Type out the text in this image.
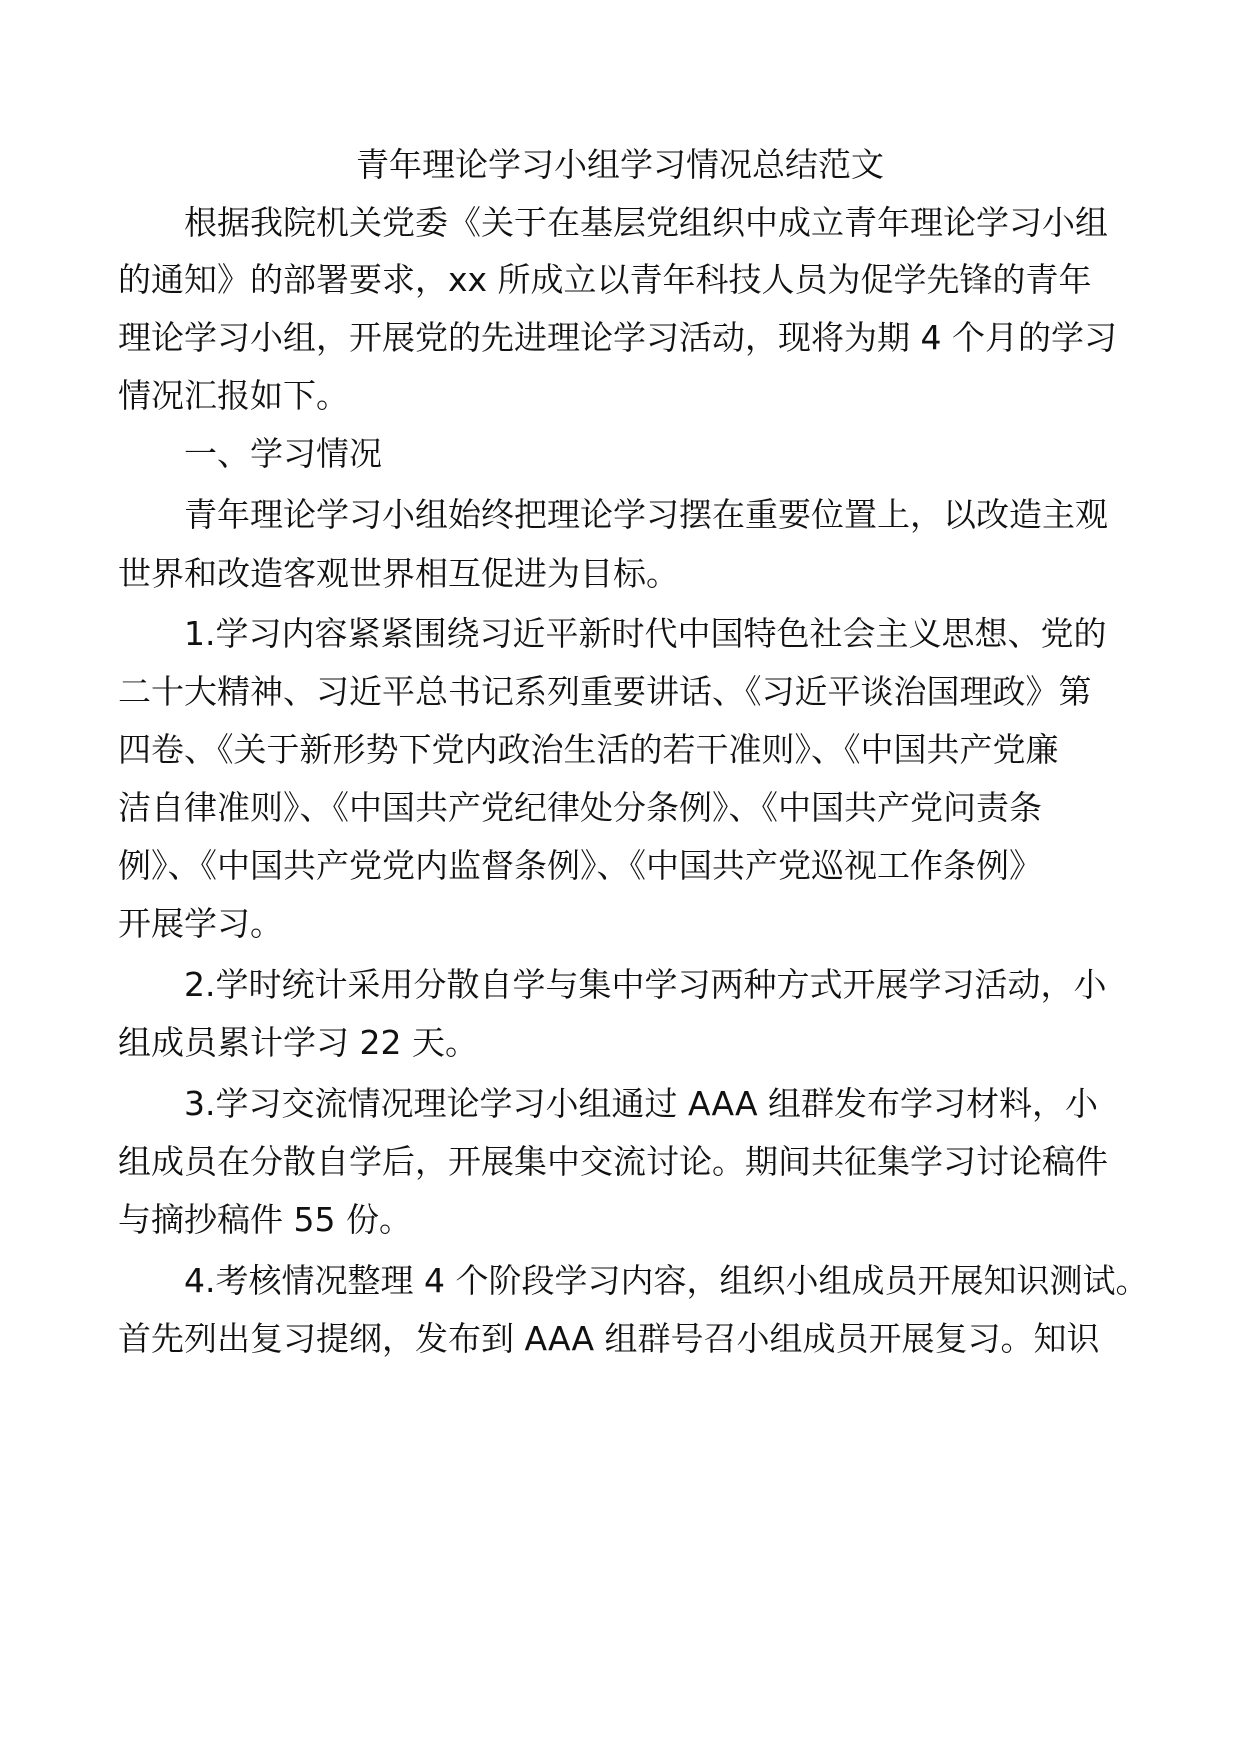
青年理论学习小组学习情况总结范文

根据我院机关党委《关于在基层党组织中成立青年理论学习小组

的通知》的部署要求，xx 所成立以青年科技人员为促学先锋的青年

理论学习小组，开展党的先进理论学习活动，现将为期 4 个月的学习

情况汇报如下。

一、学习情况

青年理论学习小组始终把理论学习摆在重要位置上，以改造主观

世界和改造客观世界相互促进为目标。

1.学习内容紧紧围绕习近平新时代中国特色社会主义思想、党的

二十大精神、习近平总书记系列重要讲话、《习近平谈治国理政》第

四卷、《关于新形势下党内政治生活的若干准则》、《中国共产党廉

洁自律准则》、《中国共产党纪律处分条例》、《中国共产党问责条

例》、《中国共产党党内监督条例》、《中国共产党巡视工作条例》

开展学习。

2.学时统计采用分散自学与集中学习两种方式开展学习活动，小

组成员累计学习 22 天。

3.学习交流情况理论学习小组通过 AAA 组群发布学习材料，小

组成员在分散自学后，开展集中交流讨论。期间共征集学习讨论稿件

与摘抄稿件 55 份。

4.考核情况整理 4 个阶段学习内容，组织小组成员开展知识测试。

首先列出复习提纲，发布到 AAA 组群号召小组成员开展复习。知识
